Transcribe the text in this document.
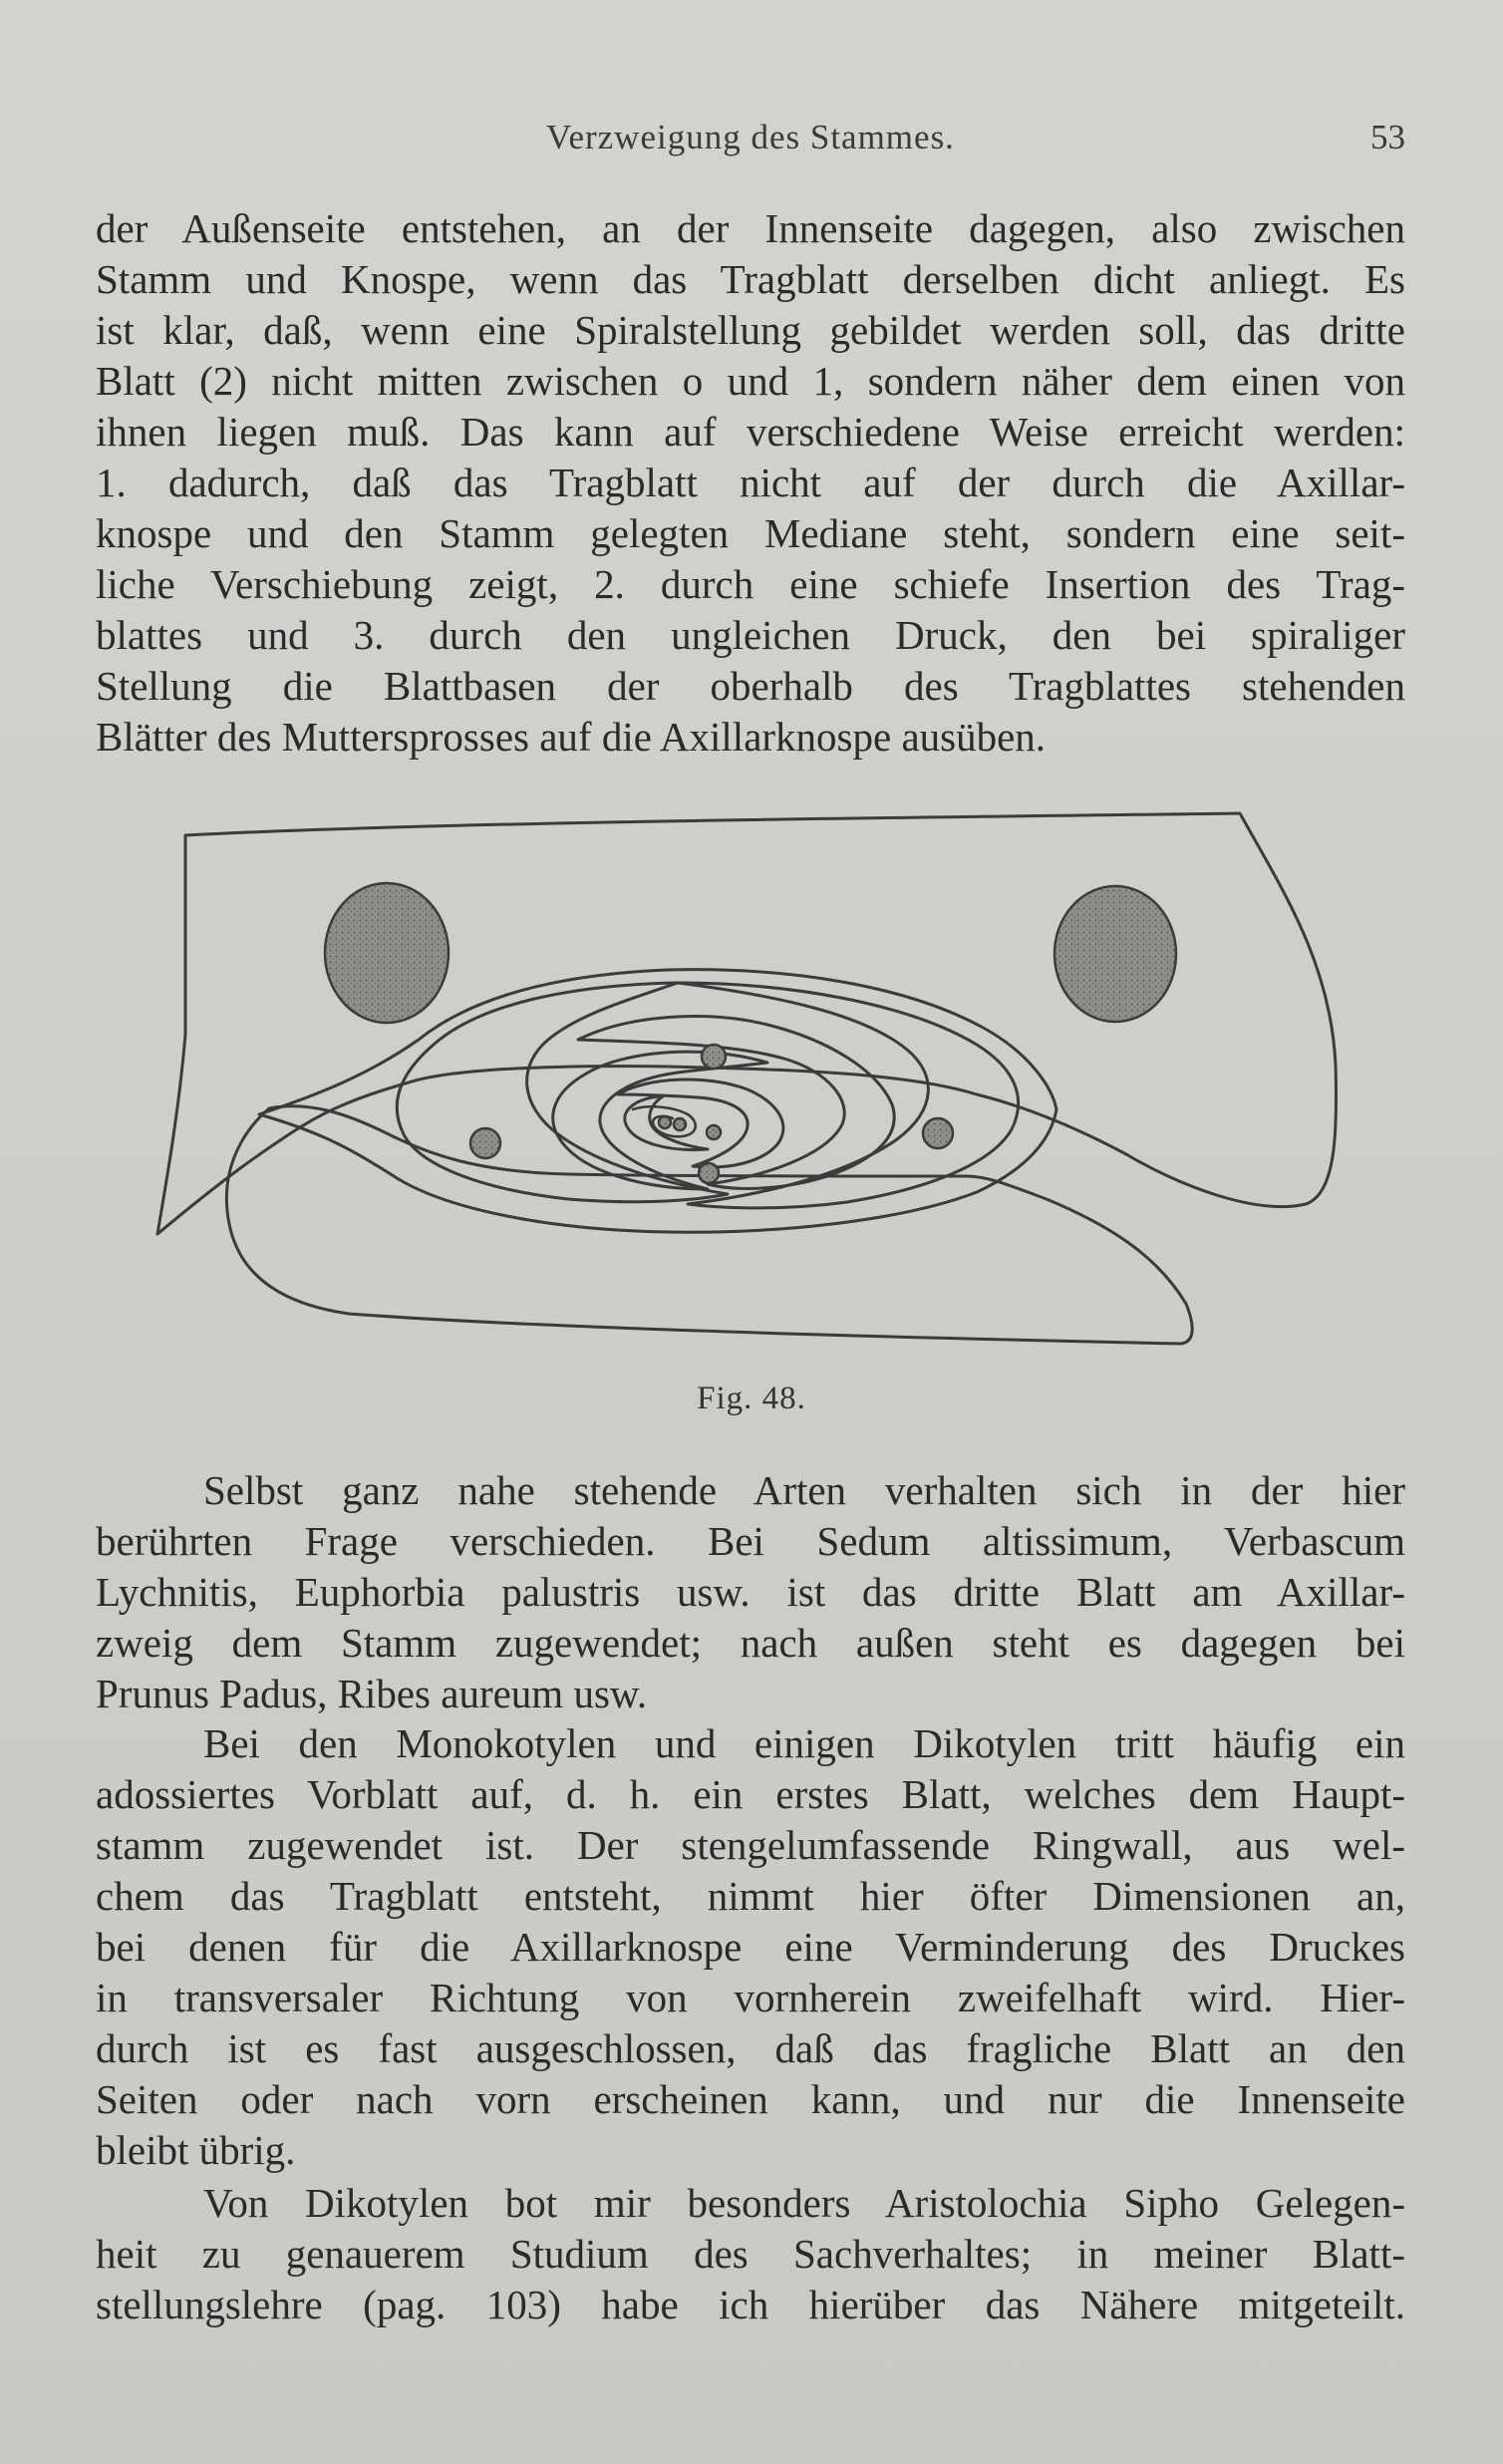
Verzweigung des Stammes.	53
der Außenseite entstehen, an der Innenseite dagegen, also zwischen
Stamm und Knospe, wenn das Tragblatt derselben dicht anliegt. Es
ist klar, daß, wenn eine Spiralstellung gebildet werden soll, das dritte
Blatt (2) nicht mitten zwischen o und 1, sondern näher dem einen von
ihnen liegen muß. Das kann auf verschiedene Weise erreicht werden:
1. dadurch, daß das Tragblatt nicht auf der durch die Axillar-
knospe und den Stamm gelegten Mediane steht, sondern eine seit-
liche Verschiebung zeigt, 2. durch eine schiefe Insertion des Trag-
blattes und 3. durch den ungleichen Druck, den bei spiraliger
Stellung die Blattbasen der oberhalb des Tragblattes stehenden
Blätter des Muttersprosses auf die Axillarknospe ausüben.
Fig. 48.
Selbst ganz nahe stehende Arten verhalten sich in der hier
berührten Frage verschieden. Bei Sedum altissimum, Verbascum
Lychnitis, Euphorbia palustris usw. ist das dritte Blatt am Axillar-
zweig dem Stamm zugewendet; nach außen steht es dagegen bei
Prunus Padus, Ribes aureum usw.
Bei den Monokotylen und einigen Dikotylen tritt häufig ein
adossiertes Vorblatt auf, d. h. ein erstes Blatt, welches dem Haupt-
stamm zugewendet ist. Der stengelumfassende Ringwall, aus wel-
chem das Tragblatt entsteht, nimmt hier öfter Dimensionen an,
bei denen für die Axillarknospe eine Verminderung des Druckes
in transversaler Richtung von vornherein zweifelhaft wird. Hier-
durch ist es fast ausgeschlossen, daß das fragliche Blatt an den
Seiten oder nach vorn erscheinen kann, und nur die Innenseite
bleibt übrig.
Von Dikotylen bot mir besonders Aristolochia Sipho Gelegen-
heit zu genauerem Studium des Sachverhaltes; in meiner Blatt-
stellungslehre (pag. 103) habe ich hierüber das Nähere mitgeteilt.
